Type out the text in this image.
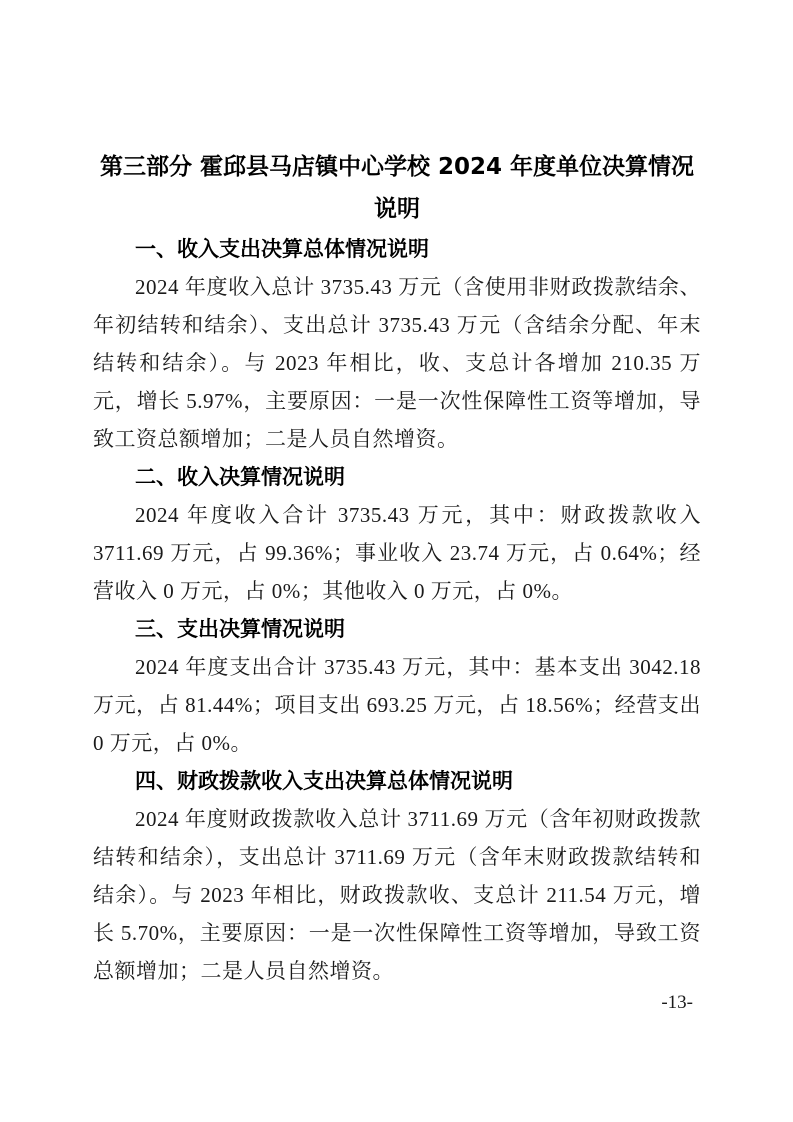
第三部分 霍邱县马店镇中心学校 2024 年度单位决算情况说明
一、收入支出决算总体情况说明

2024 年度收入总计 3735.43 万元（含使用非财政拨款结余、年初结转和结余）、支出总计 3735.43 万元（含结余分配、年末结转和结余）。与 2023 年相比，收、支总计各增加 210.35 万元，增长 5.97%，主要原因：一是一次性保障性工资等增加，导致工资总额增加；二是人员自然增资。

二、收入决算情况说明

2024 年度收入合计 3735.43 万元，其中：财政拨款收入 3711.69 万元，占 99.36%；事业收入 23.74 万元，占 0.64%；经营收入 0 万元，占 0%；其他收入 0 万元，占 0%。

三、支出决算情况说明

2024 年度支出合计 3735.43 万元，其中：基本支出 3042.18 万元，占 81.44%；项目支出 693.25 万元，占 18.56%；经营支出 0 万元，占 0%。

四、财政拨款收入支出决算总体情况说明

2024 年度财政拨款收入总计 3711.69 万元（含年初财政拨款结转和结余），支出总计 3711.69 万元（含年末财政拨款结转和结余）。与 2023 年相比，财政拨款收、支总计 211.54 万元，增长 5.70%，主要原因：一是一次性保障性工资等增加，导致工资总额增加；二是人员自然增资。

-13-
